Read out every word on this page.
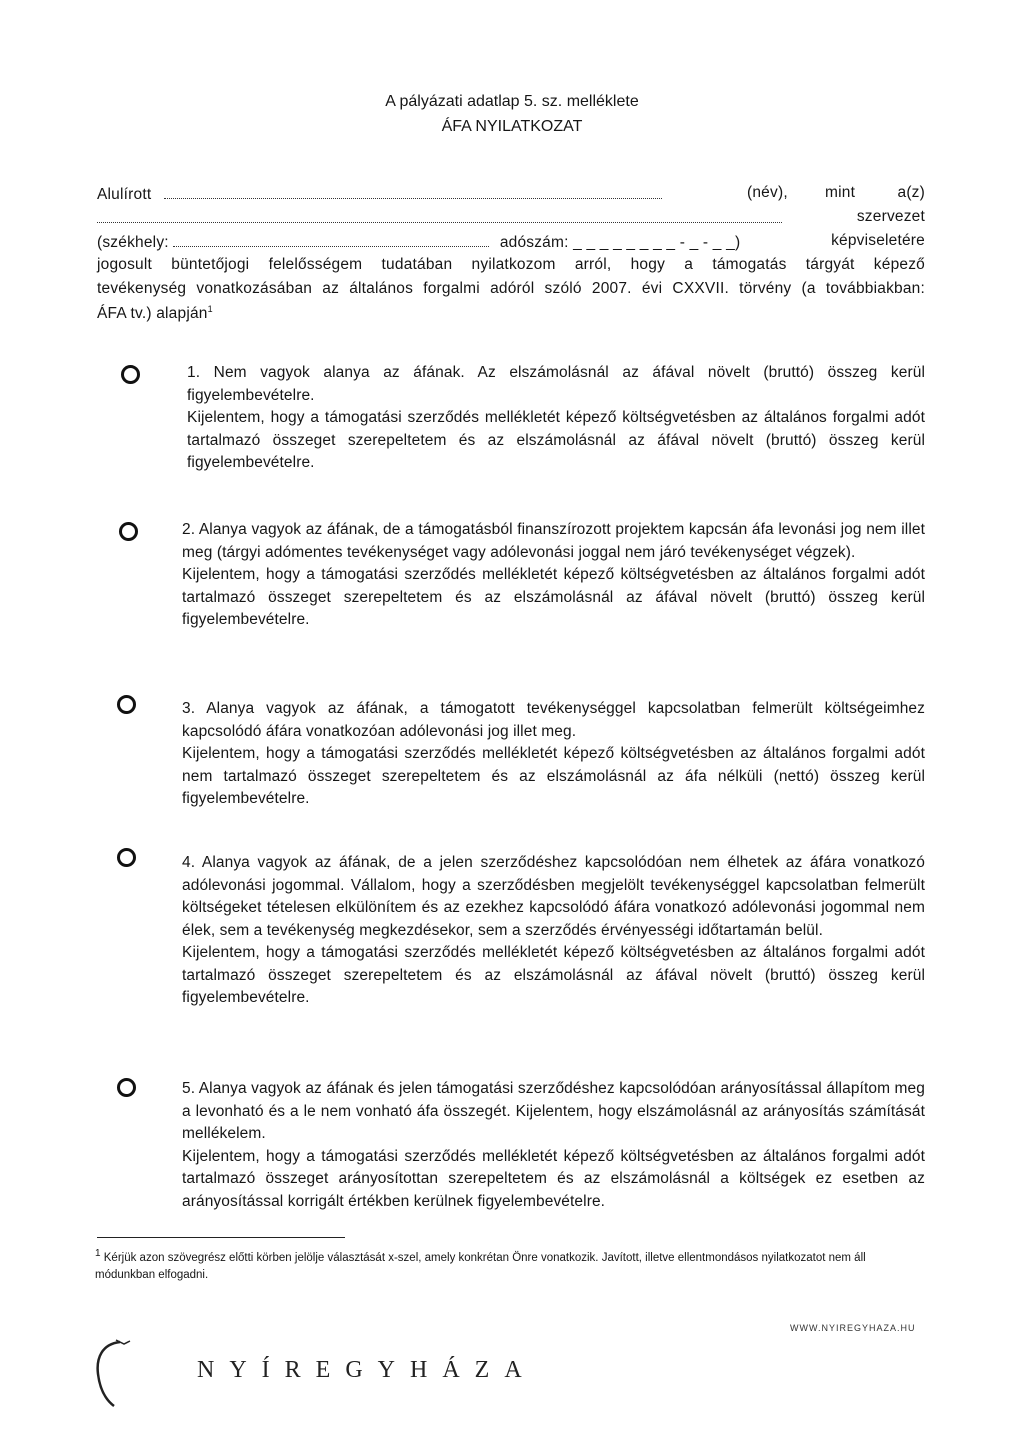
A pályázati adatlap 5. sz. melléklete
ÁFA NYILATKOZAT
Alulírott	(név), mint	a(z)
szervezet
(székhely:	adószám: _ _ _ _ _ _ _ _ - _ - _ _)	képviseletére
jogosult büntetőjogi felelősségem tudatában nyilatkozom arról, hogy a támogatás tárgyát képező
tevékenység vonatkozásában az általános forgalmi adóról szóló 2007. évi CXXVII. törvény (a továbbiakban:
ÁFA tv.) alapján$^1$

1. Nem vagyok alanya az áfának. Az elszámolásnál az áfával növelt (bruttó) összeg kerül figyelembevételre.

Kijelentem, hogy a támogatási szerződés mellékletét képező költségvetésben az általános forgalmi adót tartalmazó összeget szerepeltetem és az elszámolásnál az áfával növelt (bruttó) összeg kerül figyelembevételre.

2. Alanya vagyok az áfának, de a támogatásból finanszírozott projektem kapcsán áfa levonási jog nem illet meg (tárgyi adómentes tevékenységet vagy adólevonási joggal nem járó tevékenységet végzek).

Kijelentem, hogy a támogatási szerződés mellékletét képező költségvetésben az általános forgalmi adót tartalmazó összeget szerepeltetem és az elszámolásnál az áfával növelt (bruttó) összeg kerül figyelembevételre.

3. Alanya vagyok az áfának, a támogatott tevékenységgel kapcsolatban felmerült költségeimhez kapcsolódó áfára vonatkozóan adólevonási jog illet meg.

Kijelentem, hogy a támogatási szerződés mellékletét képező költségvetésben az általános forgalmi adót nem tartalmazó összeget szerepeltetem és az elszámolásnál az áfa nélküli (nettó) összeg kerül figyelembevételre.

4. Alanya vagyok az áfának, de a jelen szerződéshez kapcsolódóan nem élhetek az áfára vonatkozó adólevonási jogommal. Vállalom, hogy a szerződésben megjelölt tevékenységgel kapcsolatban felmerült költségeket tételesen elkülönítem és az ezekhez kapcsolódó áfára vonatkozó adólevonási jogommal nem élek, sem a tevékenység megkezdésekor, sem a szerződés érvényességi időtartamán belül.

Kijelentem, hogy a támogatási szerződés mellékletét képező költségvetésben az általános forgalmi adót tartalmazó összeget szerepeltetem és az elszámolásnál az áfával növelt (bruttó) összeg kerül figyelembevételre.

5. Alanya vagyok az áfának és jelen támogatási szerződéshez kapcsolódóan arányosítással állapítom meg a levonható és a le nem vonható áfa összegét. Kijelentem, hogy elszámolásnál az arányosítás számítását mellékelem.

Kijelentem, hogy a támogatási szerződés mellékletét képező költségvetésben az általános forgalmi adót tartalmazó összeget arányosítottan szerepeltetem és az elszámolásnál a költségek ez esetben az arányosítással korrigált értékben kerülnek figyelembevételre.

$^1$ Kérjük azon szövegrész előtti körben jelölje választását x-szel, amely konkrétan Önre vonatkozik. Javított, illetve ellentmondásos nyilatkozatot nem áll módunkban elfogadni.
WWW.NYIREGYHAZA.HU
NYÍREGYHÁZA
